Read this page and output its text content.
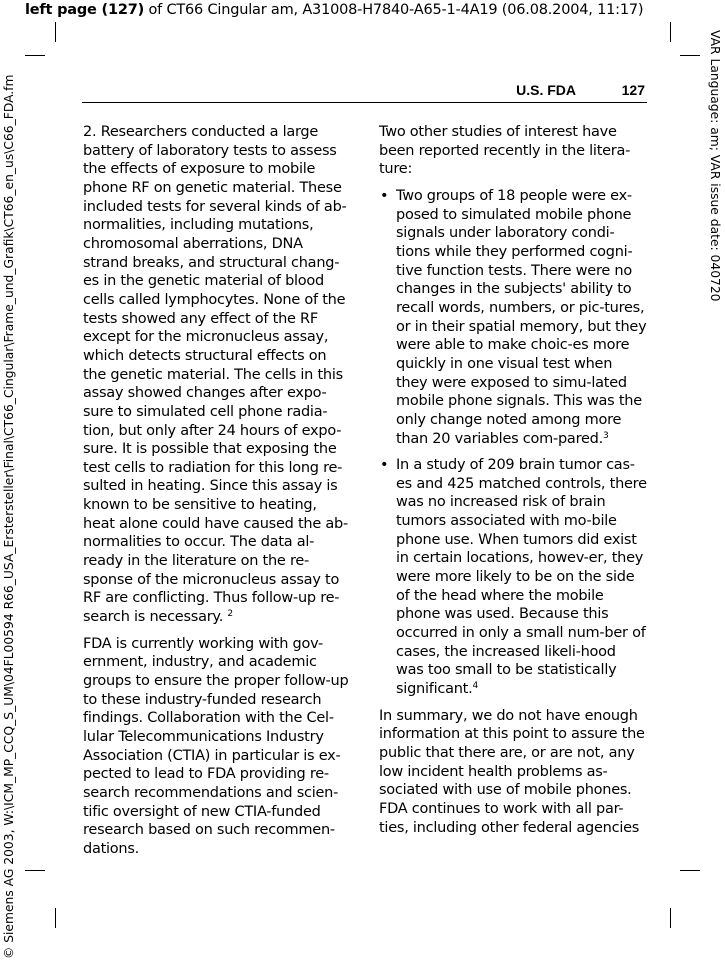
left page (127) of CT66 Cingular am, A31008-H7840-A65-1-4A19 (06.08.2004, 11:17)
© Siemens AG 2003, W:\ICM_MP_CCQ_S_UM\04FL00594 R66_USA_Erstersteller\Final\CT66_Cingular\Frame_und_Grafik\CT66_en_us\C66_FDA.fm	VAR Language: am; VAR issue date: 040720
U.S. FDA	127

2. Researchers conducted a large battery of laboratory tests to assess the effects of exposure to mobile phone RF on genetic material. These included tests for several kinds of ab-normalities, including mutations, chromosomal aberrations, DNA strand breaks, and structural chang-es in the genetic material of blood cells called lymphocytes. None of the tests showed any effect of the RF except for the micronucleus assay, which detects structural effects on the genetic material. The cells in this assay showed changes after expo-sure to simulated cell phone radia-tion, but only after 24 hours of expo-sure. It is possible that exposing the test cells to radiation for this long re-sulted in heating. Since this assay is known to be sensitive to heating, heat alone could have caused the ab-normalities to occur. The data al-ready in the literature on the re-sponse of the micronucleus assay to RF are conflicting. Thus follow-up re-search is necessary. $^2$

FDA is currently working with gov-ernment, industry, and academic groups to ensure the proper follow-up to these industry-funded research findings. Collaboration with the Cel-lular Telecommunications Industry Association (CTIA) in particular is ex-pected to lead to FDA providing re-search recommendations and scien-tific oversight of new CTIA-funded research based on such recommen-dations.

Two other studies of interest have been reported recently in the litera-ture:

• Two groups of 18 people were ex-posed to simulated mobile phone signals under laboratory condi-tions while they performed cogni-tive function tests. There were no changes in the subjects' ability to recall words, numbers, or pic-tures, or in their spatial memory, but they were able to make choic-es more quickly in one visual test when they were exposed to simu-lated mobile phone signals. This was the only change noted among more than 20 variables com-pared.$^3$
• In a study of 209 brain tumor cas-es and 425 matched controls, there was no increased risk of brain tumors associated with mo-bile phone use. When tumors did exist in certain locations, howev-er, they were more likely to be on the side of the head where the mobile phone was used. Because this occurred in only a small num-ber of cases, the increased likeli-hood was too small to be statistically significant.$^4$

In summary, we do not have enough information at this point to assure the public that there are, or are not, any low incident health problems as-sociated with use of mobile phones. FDA continues to work with all par-ties, including other federal agencies
